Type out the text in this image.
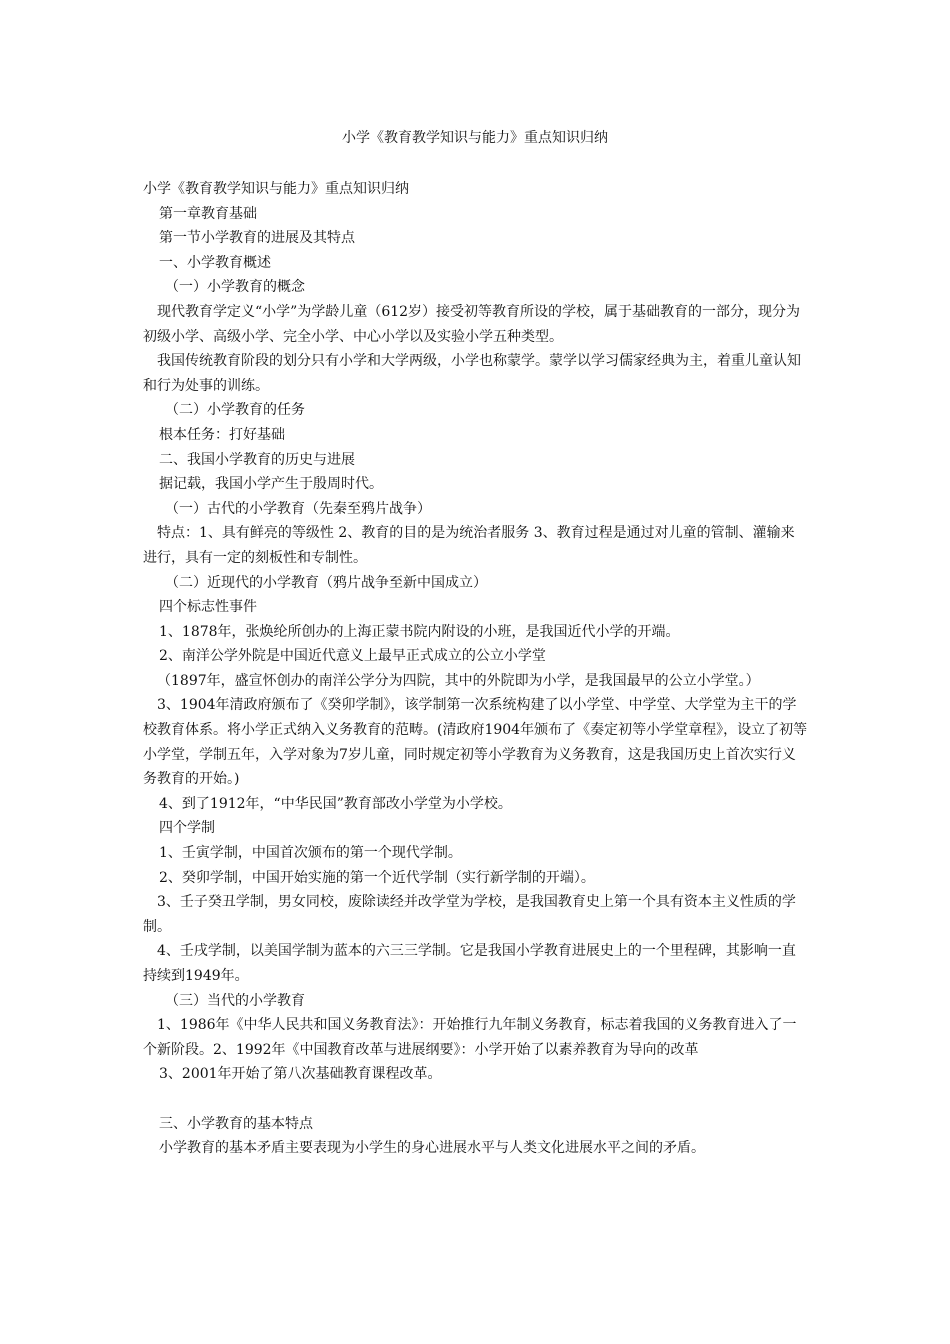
小学《教育教学知识与能力》重点知识归纳

小学《教育教学知识与能力》重点知识归纳

第一章教育基础

第一节小学教育的进展及其特点

一、小学教育概述

（一）小学教育的概念

现代教育学定义“小学”为学龄儿童（612岁）接受初等教育所设的学校，属于基础教育的一部分，现分为初级小学、高级小学、完全小学、中心小学以及实验小学五种类型。

我国传统教育阶段的划分只有小学和大学两级，小学也称蒙学。蒙学以学习儒家经典为主，着重儿童认知和行为处事的训练。

（二）小学教育的任务

根本任务：打好基础

二、我国小学教育的历史与进展

据记载，我国小学产生于殷周时代。

（一）古代的小学教育（先秦至鸦片战争）

特点：1、具有鲜亮的等级性 2、教育的目的是为统治者服务 3、教育过程是通过对儿童的管制、灌输来进行，具有一定的刻板性和专制性。

（二）近现代的小学教育（鸦片战争至新中国成立）

四个标志性事件

1、1878年，张焕纶所创办的上海正蒙书院内附设的小班，是我国近代小学的开端。

2、南洋公学外院是中国近代意义上最早正式成立的公立小学堂

（1897年，盛宣怀创办的南洋公学分为四院，其中的外院即为小学，是我国最早的公立小学堂。）

3、1904年清政府颁布了《癸卯学制》，该学制第一次系统构建了以小学堂、中学堂、大学堂为主干的学校教育体系。将小学正式纳入义务教育的范畴。(清政府1904年颁布了《奏定初等小学堂章程》，设立了初等小学堂，学制五年，入学对象为7岁儿童，同时规定初等小学教育为义务教育，这是我国历史上首次实行义务教育的开始。)

4、到了1912年，“中华民国”教育部改小学堂为小学校。

四个学制

1、壬寅学制，中国首次颁布的第一个现代学制。

2、癸卯学制，中国开始实施的第一个近代学制（实行新学制的开端）。

3、壬子癸丑学制，男女同校，废除读经并改学堂为学校，是我国教育史上第一个具有资本主义性质的学制。

4、壬戌学制，以美国学制为蓝本的六三三学制。它是我国小学教育进展史上的一个里程碑，其影响一直持续到1949年。

（三）当代的小学教育

1、1986年《中华人民共和国义务教育法》：开始推行九年制义务教育，标志着我国的义务教育进入了一个新阶段。2、1992年《中国教育改革与进展纲要》：小学开始了以素养教育为导向的改革

3、2001年开始了第八次基础教育课程改革。

三、小学教育的基本特点

小学教育的基本矛盾主要表现为小学生的身心进展水平与人类文化进展水平之间的矛盾。
